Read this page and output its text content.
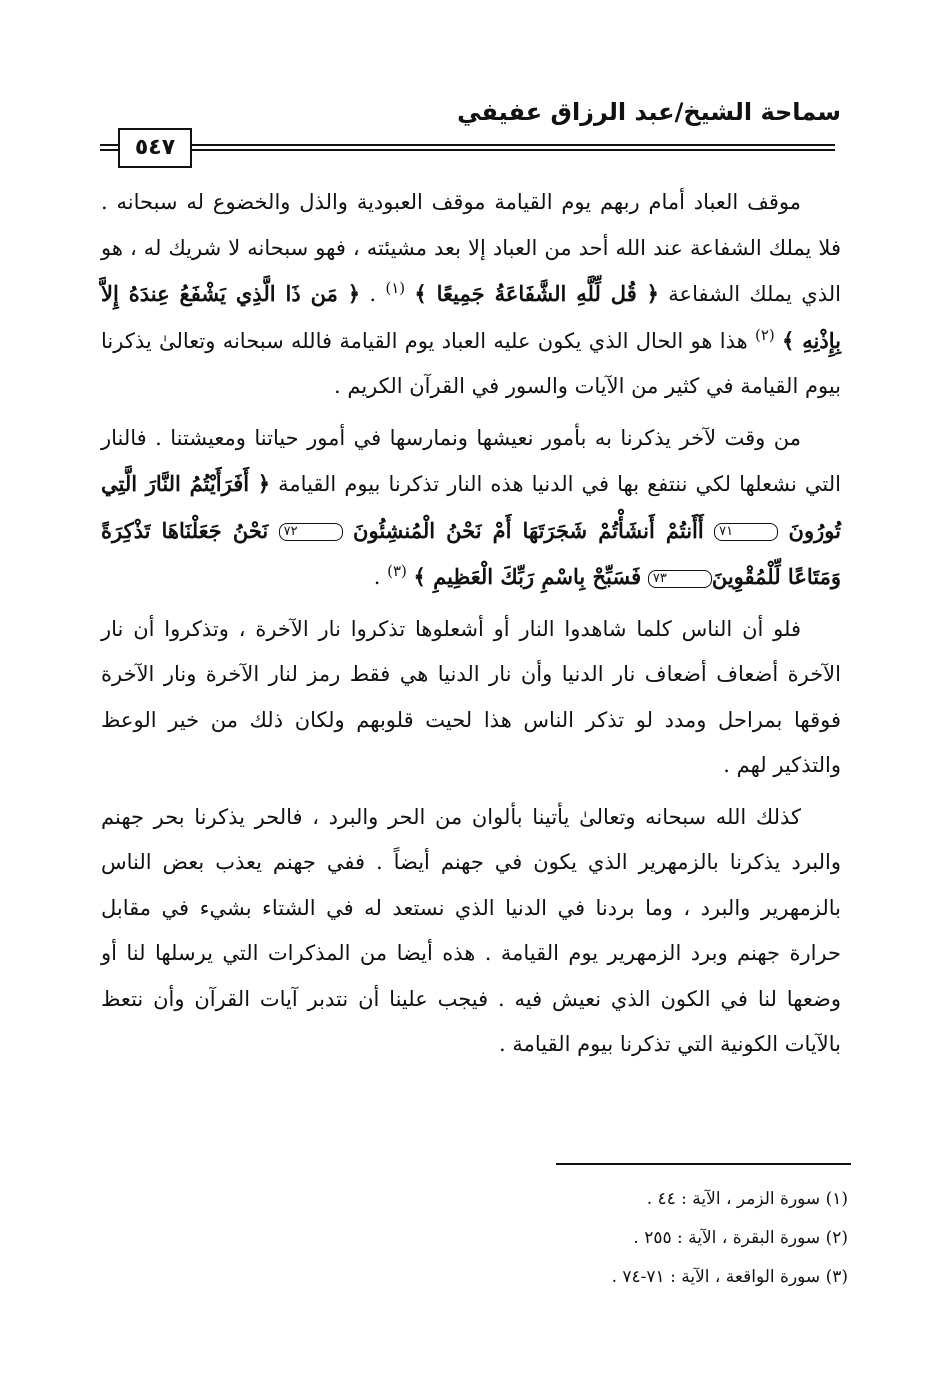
سماحة الشيخ/عبد الرزاق عفيفي
٥٤٧

موقف العباد أمام ربهم يوم القيامة موقف العبودية والذل والخضوع له سبحانه . فلا يملك الشفاعة عند الله أحد من العباد إلا بعد مشيئته ، فهو سبحانه لا شريك له ، هو الذي يملك الشفاعة ﴿ قُل لِّلَّهِ الشَّفَاعَةُ جَمِيعًا ﴾ $^{(١)}$ . ﴿ مَن ذَا الَّذِي يَشْفَعُ عِندَهُ إِلاَّ بِإِذْنِهِ ﴾ $^{(٢)}$ هذا هو الحال الذي يكون عليه العباد يوم القيامة فالله سبحانه وتعالىٰ يذكرنا بيوم القيامة في كثير من الآيات والسور في القرآن الكريم .

من وقت لآخر يذكرنا به بأمور نعيشها ونمارسها في أمور حياتنا ومعيشتنا . فالنار التي نشعلها لكي ننتفع بها في الدنيا هذه النار تذكرنا بيوم القيامة ﴿ أَفَرَأَيْتُمُ النَّارَ الَّتِي تُورُونَ ٧١ أَأَنتُمْ أَنشَأْتُمْ شَجَرَتَهَا أَمْ نَحْنُ الْمُنشِئُونَ ٧٢ نَحْنُ جَعَلْنَاهَا تَذْكِرَةً وَمَتَاعًا لِّلْمُقْوِينَ٧٣ فَسَبِّحْ بِاسْمِ رَبِّكَ الْعَظِيمِ ﴾ $^{(٣)}$ .

فلو أن الناس كلما شاهدوا النار أو أشعلوها تذكروا نار الآخرة ، وتذكروا أن نار الآخرة أضعاف أضعاف نار الدنيا وأن نار الدنيا هي فقط رمز لنار الآخرة ونار الآخرة فوقها بمراحل ومدد لو تذكر الناس هذا لحيت قلوبهم ولكان ذلك من خير الوعظ والتذكير لهم .

كذلك الله سبحانه وتعالىٰ يأتينا بألوان من الحر والبرد ، فالحر يذكرنا بحر جهنم والبرد يذكرنا بالزمهرير الذي يكون في جهنم أيضاً . ففي جهنم يعذب بعض الناس بالزمهرير والبرد ، وما بردنا في الدنيا الذي نستعد له في الشتاء بشيء في مقابل حرارة جهنم وبرد الزمهرير يوم القيامة . هذه أيضا من المذكرات التي يرسلها لنا أو وضعها لنا في الكون الذي نعيش فيه . فيجب علينا أن نتدبر آيات القرآن وأن نتعظ بالآيات الكونية التي تذكرنا بيوم القيامة .

(١) سورة الزمر ، الآية : ٤٤ .
(٢) سورة البقرة ، الآية : ٢٥٥ .
(٣) سورة الواقعة ، الآية : ٧١-٧٤ .
